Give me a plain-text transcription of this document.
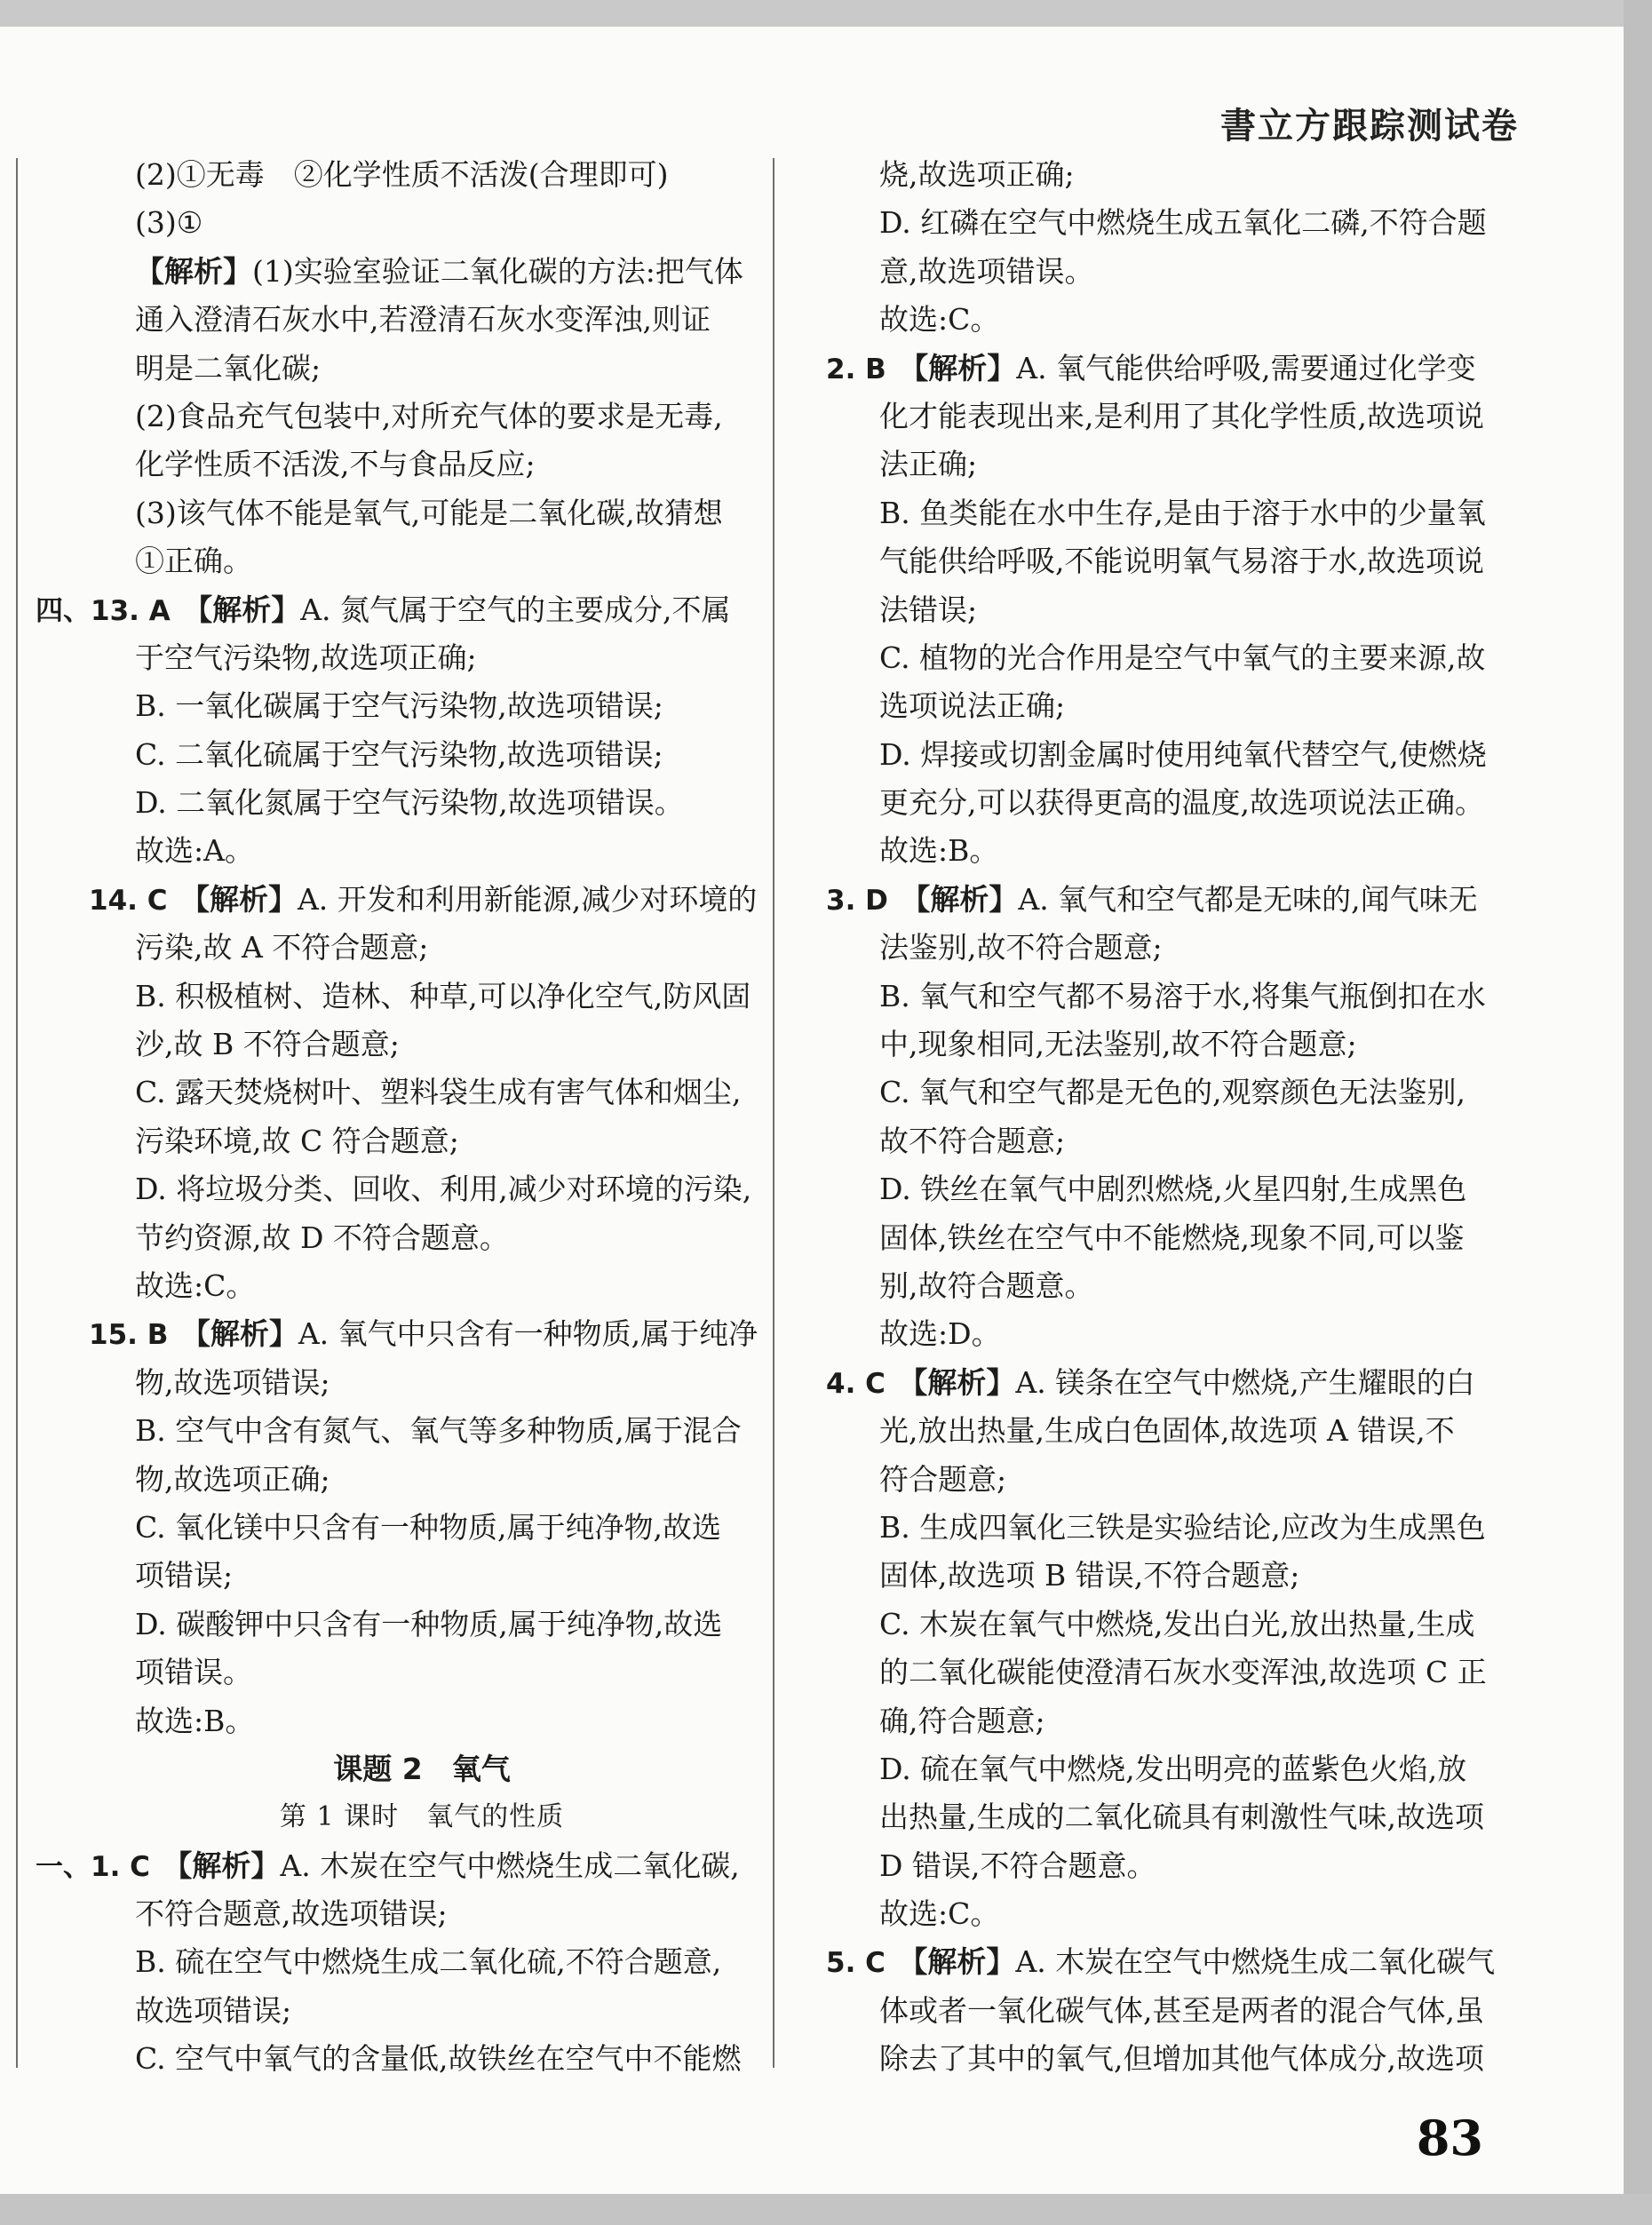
書立方跟踪测试卷
(2)①无毒　②化学性质不活泼(合理即可)
(3)①
【解析】(1)实验室验证二氧化碳的方法:把气体
通入澄清石灰水中,若澄清石灰水变浑浊,则证
明是二氧化碳;
(2)食品充气包装中,对所充气体的要求是无毒,
化学性质不活泼,不与食品反应;
(3)该气体不能是氧气,可能是二氧化碳,故猜想
①正确。
四、13. A　【解析】A. 氮气属于空气的主要成分,不属
于空气污染物,故选项正确;
B. 一氧化碳属于空气污染物,故选项错误;
C. 二氧化硫属于空气污染物,故选项错误;
D. 二氧化氮属于空气污染物,故选项错误。
故选:A。
14. C　【解析】A. 开发和利用新能源,减少对环境的
污染,故 A 不符合题意;
B. 积极植树、造林、种草,可以净化空气,防风固
沙,故 B 不符合题意;
C. 露天焚烧树叶、塑料袋生成有害气体和烟尘,
污染环境,故 C 符合题意;
D. 将垃圾分类、回收、利用,减少对环境的污染,
节约资源,故 D 不符合题意。
故选:C。
15. B　【解析】A. 氧气中只含有一种物质,属于纯净
物,故选项错误;
B. 空气中含有氮气、氧气等多种物质,属于混合
物,故选项正确;
C. 氧化镁中只含有一种物质,属于纯净物,故选
项错误;
D. 碳酸钾中只含有一种物质,属于纯净物,故选
项错误。
故选:B。
课题 2　氧气
第 1 课时　氧气的性质
一、1. C　【解析】A. 木炭在空气中燃烧生成二氧化碳,
不符合题意,故选项错误;
B. 硫在空气中燃烧生成二氧化硫,不符合题意,
故选项错误;
C. 空气中氧气的含量低,故铁丝在空气中不能燃
烧,故选项正确;
D. 红磷在空气中燃烧生成五氧化二磷,不符合题
意,故选项错误。
故选:C。
2. B　【解析】A. 氧气能供给呼吸,需要通过化学变
化才能表现出来,是利用了其化学性质,故选项说
法正确;
B. 鱼类能在水中生存,是由于溶于水中的少量氧
气能供给呼吸,不能说明氧气易溶于水,故选项说
法错误;
C. 植物的光合作用是空气中氧气的主要来源,故
选项说法正确;
D. 焊接或切割金属时使用纯氧代替空气,使燃烧
更充分,可以获得更高的温度,故选项说法正确。
故选:B。
3. D　【解析】A. 氧气和空气都是无味的,闻气味无
法鉴别,故不符合题意;
B. 氧气和空气都不易溶于水,将集气瓶倒扣在水
中,现象相同,无法鉴别,故不符合题意;
C. 氧气和空气都是无色的,观察颜色无法鉴别,
故不符合题意;
D. 铁丝在氧气中剧烈燃烧,火星四射,生成黑色
固体,铁丝在空气中不能燃烧,现象不同,可以鉴
别,故符合题意。
故选:D。
4. C　【解析】A. 镁条在空气中燃烧,产生耀眼的白
光,放出热量,生成白色固体,故选项 A 错误,不
符合题意;
B. 生成四氧化三铁是实验结论,应改为生成黑色
固体,故选项 B 错误,不符合题意;
C. 木炭在氧气中燃烧,发出白光,放出热量,生成
的二氧化碳能使澄清石灰水变浑浊,故选项 C 正
确,符合题意;
D. 硫在氧气中燃烧,发出明亮的蓝紫色火焰,放
出热量,生成的二氧化硫具有刺激性气味,故选项
D 错误,不符合题意。
故选:C。
5. C　【解析】A. 木炭在空气中燃烧生成二氧化碳气
体或者一氧化碳气体,甚至是两者的混合气体,虽
除去了其中的氧气,但增加其他气体成分,故选项
83
